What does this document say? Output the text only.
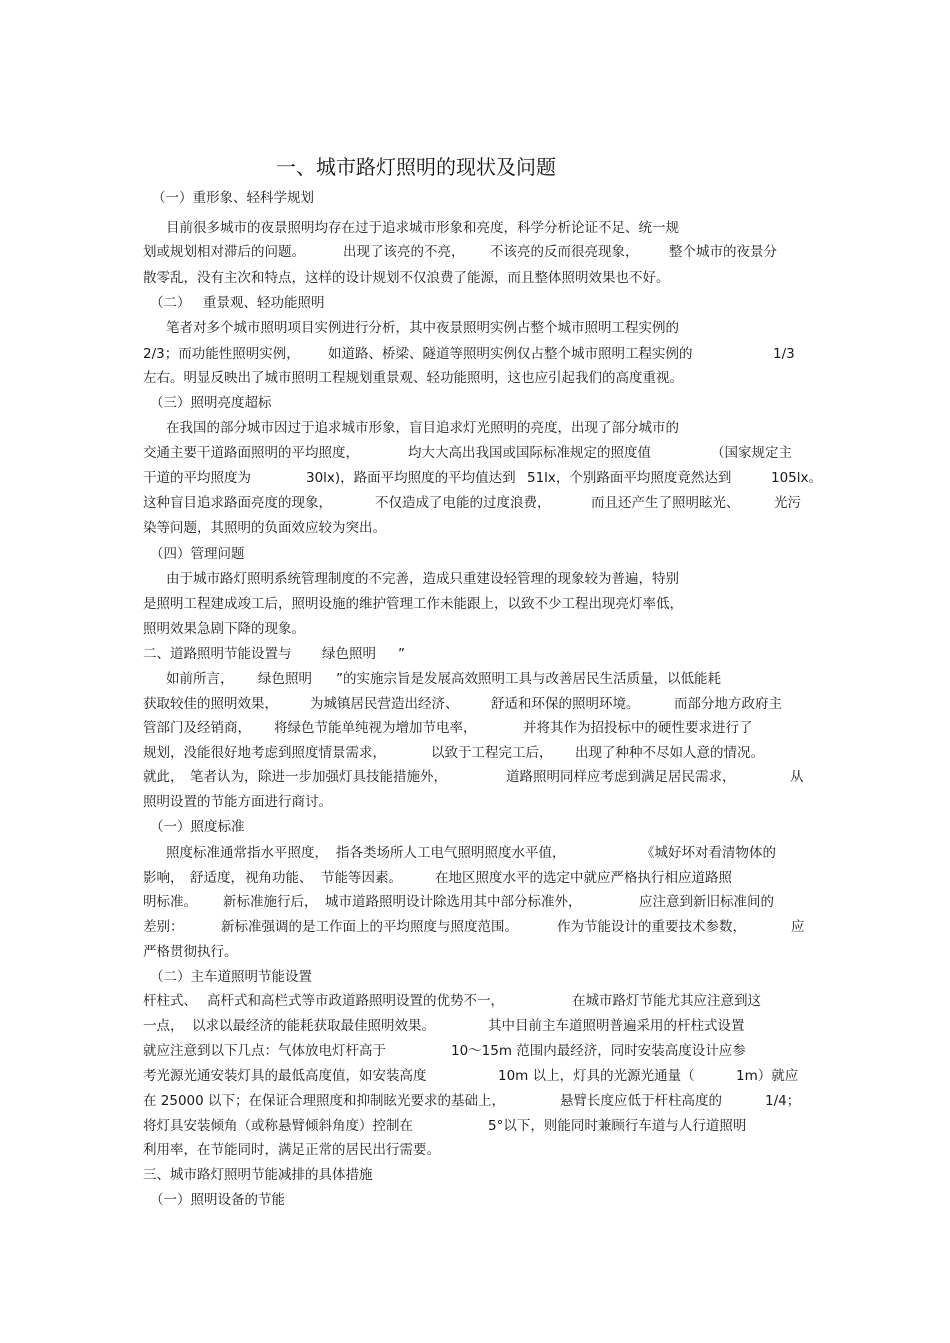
一、城市路灯照明的现状及问题
（一）重形象、轻科学规划
目前很多城市的夜景照明均存在过于追求城市形象和亮度，科学分析论证不足、统一规
划或规划相对滞后的问题。	出现了该亮的不亮， 不该亮的反而很亮现象， 整个城市的夜景分
散零乱，没有主次和特点，这样的设计规划不仅浪费了能源，而且整体照明效果也不好。
（二） 重景观、轻功能照明
笔者对多个城市照明项目实例进行分析，其中夜景照明实例占整个城市照明工程实例的
2/3；而功能性照明实例， 如道路、桥梁、隧道等照明实例仅占整个城市照明工程实例的	1/3
左右。明显反映出了城市照明工程规划重景观、轻功能照明，这也应引起我们的高度重视。
（三）照明亮度超标
在我国的部分城市因过于追求城市形象，盲目追求灯光照明的亮度，出现了部分城市的
交通主要干道路面照明的平均照度，	均大大高出我国或国际标准规定的照度值	（国家规定主
干道的平均照度为	30lx)，路面平均照度的平均值达到 51lx，个别路面平均照度竟然达到	105lx。
这种盲目追求路面亮度的现象，	不仅造成了电能的过度浪费，	而且还产生了照明眩光、	光污
染等问题，其照明的负面效应较为突出。
（四）管理问题
由于城市路灯照明系统管理制度的不完善，造成只重建设轻管理的现象较为普遍，特别
是照明工程建成竣工后，照明设施的维护管理工作未能跟上，以致不少工程出现亮灯率低，
照明效果急剧下降的现象。
二、道路照明节能设置与 绿色照明 ”
如前所言， 绿色照明 ”的实施宗旨是发展高效照明工具与改善居民生活质量，以低能耗
获取较佳的照明效果， 为城镇居民营造出经济、 舒适和环保的照明环境。	而部分地方政府主
管部门及经销商， 将绿色节能单纯视为增加节电率，	并将其作为招投标中的硬性要求进行了
规划，没能很好地考虑到照度情景需求，	以致于工程完工后， 出现了种种不尽如人意的情况。
就此， 笔者认为， 除进一步加强灯具技能措施外，	道路照明同样应考虑到满足居民需求，	从
照明设置的节能方面进行商讨。
（一）照度标准
照度标准通常指水平照度， 指各类场所人工电气照明照度水平值，	《城好坏对看清物体的
影响， 舒适度， 视角功能、 节能等因素。 在地区照度水平的选定中就应严格执行相应道路照
明标准。 新标准施行后， 城市道路照明设计除选用其中部分标准外，	应注意到新旧标准间的
差别：	新标准强调的是工作面上的平均照度与照度范围。	作为节能设计的重要技术参数，	应
严格贯彻执行。
（二）主车道照明节能设置
杆柱式、 高杆式和高栏式等市政道路照明设置的优势不一，	在城市路灯节能尤其应注意到这
一点， 以求以最经济的能耗获取最佳照明效果。	其中目前主车道照明普遍采用的杆柱式设置
就应注意到以下几点：气体放电灯杆高于	10～15m 范围内最经济，同时安装高度设计应参
考光源光通安装灯具的最低高度值，如安装高度	10m 以上，灯具的光源光通量（	1m）就应
在 25000 以下；在保证合理照度和抑制眩光要求的基础上，	悬臂长度应低于杆柱高度的	1/4；
将灯具安装倾角（或称悬臂倾斜角度）控制在	5°以下，则能同时兼顾行车道与人行道照明
利用率，在节能同时，满足正常的居民出行需要。
三、城市路灯照明节能减排的具体措施
（一）照明设备的节能
